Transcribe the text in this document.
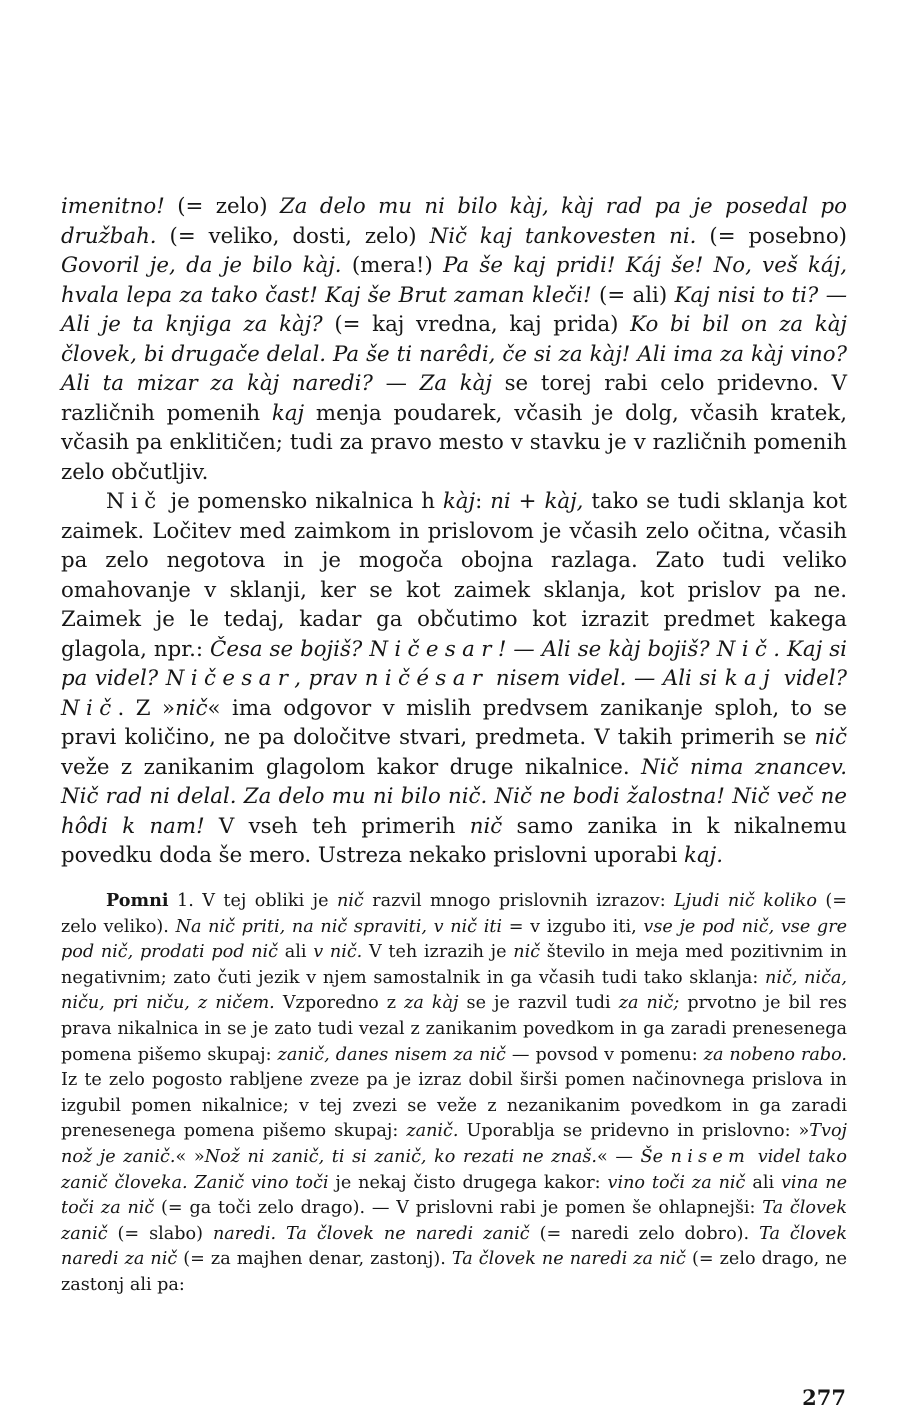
imenitno! (= zelo) Za delo mu ni bilo kàj, kàj rad pa je posedal po družbah. (= veliko, dosti, zelo) Nič kaj tankovesten ni. (= posebno) Govoril je, da je bilo kàj. (mera!) Pa še kaj pridi! Káj še! No, veš káj, hvala lepa za tako čast! Kaj še Brut zaman kleči! (= ali) Kaj nisi to ti? — Ali je ta knjiga za kàj? (= kaj vredna, kaj prida) Ko bi bil on za kàj človek, bi drugače delal. Pa še ti narêdi, če si za kàj! Ali ima za kàj vino? Ali ta mizar za kàj naredi? — Za kàj se torej rabi celo pridevno. V različnih pomenih kaj menja poudarek, včasih je dolg, včasih kratek, včasih pa enklitičen; tudi za pravo mesto v stavku je v različnih pomenih zelo občutljiv.

Nič je pomensko nikalnica h kàj: ni + kàj, tako se tudi sklanja kot zaimek. Ločitev med zaimkom in prislovom je včasih zelo očitna, včasih pa zelo negotova in je mogoča obojna razlaga. Zato tudi veliko omahovanje v sklanji, ker se kot zaimek sklanja, kot prislov pa ne. Zaimek je le tedaj, kadar ga občutimo kot izrazit predmet kakega glagola, npr.: Česa se bojiš? Ničesar! — Ali se kàj bojiš? Nič. Kaj si pa videl? Ničesar, prav ničésar nisem videl. — Ali si kaj videl? Nič. Z »nič« ima odgovor v mislih predvsem zanikanje sploh, to se pravi količino, ne pa določitve stvari, predmeta. V takih primerih se nič veže z zanikanim glagolom kakor druge nikalnice. Nič nima znancev. Nič rad ni delal. Za delo mu ni bilo nič. Nič ne bodi žalostna! Nič več ne hôdi k nam! V vseh teh primerih nič samo zanika in k nikalnemu povedku doda še mero. Ustreza nekako prislovni uporabi kaj.

Pomni 1. V tej obliki je nič razvil mnogo prislovnih izrazov: Ljudi nič koliko (= zelo veliko). Na nič priti, na nič spraviti, v nič iti = v izgubo iti, vse je pod nič, vse gre pod nič, prodati pod nič ali v nič. V teh izrazih je nič število in meja med pozitivnim in negativnim; zato čuti jezik v njem samostalnik in ga včasih tudi tako sklanja: nič, niča, niču, pri niču, z ničem. Vzporedno z za kàj se je razvil tudi za nič; prvotno je bil res prava nikalnica in se je zato tudi vezal z zanikanim povedkom in ga zaradi prenesenega pomena pišemo skupaj: zanič, danes nisem za nič — povsod v pomenu: za nobeno rabo. Iz te zelo pogosto rabljene zveze pa je izraz dobil širši pomen načinovnega prislova in izgubil pomen nikalnice; v tej zvezi se veže z nezanikanim povedkom in ga zaradi prenesenega pomena pišemo skupaj: zanič. Uporablja se pridevno in prislovno: »Tvoj nož je zanič.« »Nož ni zanič, ti si zanič, ko rezati ne znaš.« — Še nisem videl tako zanič človeka. Zanič vino toči je nekaj čisto drugega kakor: vino toči za nič ali vina ne toči za nič (= ga toči zelo drago). — V prislovni rabi je pomen še ohlapnejši: Ta človek zanič (= slabo) naredi. Ta človek ne naredi zanič (= naredi zelo dobro). Ta človek naredi za nič (= za majhen denar, zastonj). Ta človek ne naredi za nič (= zelo drago, ne zastonj ali pa:

277
